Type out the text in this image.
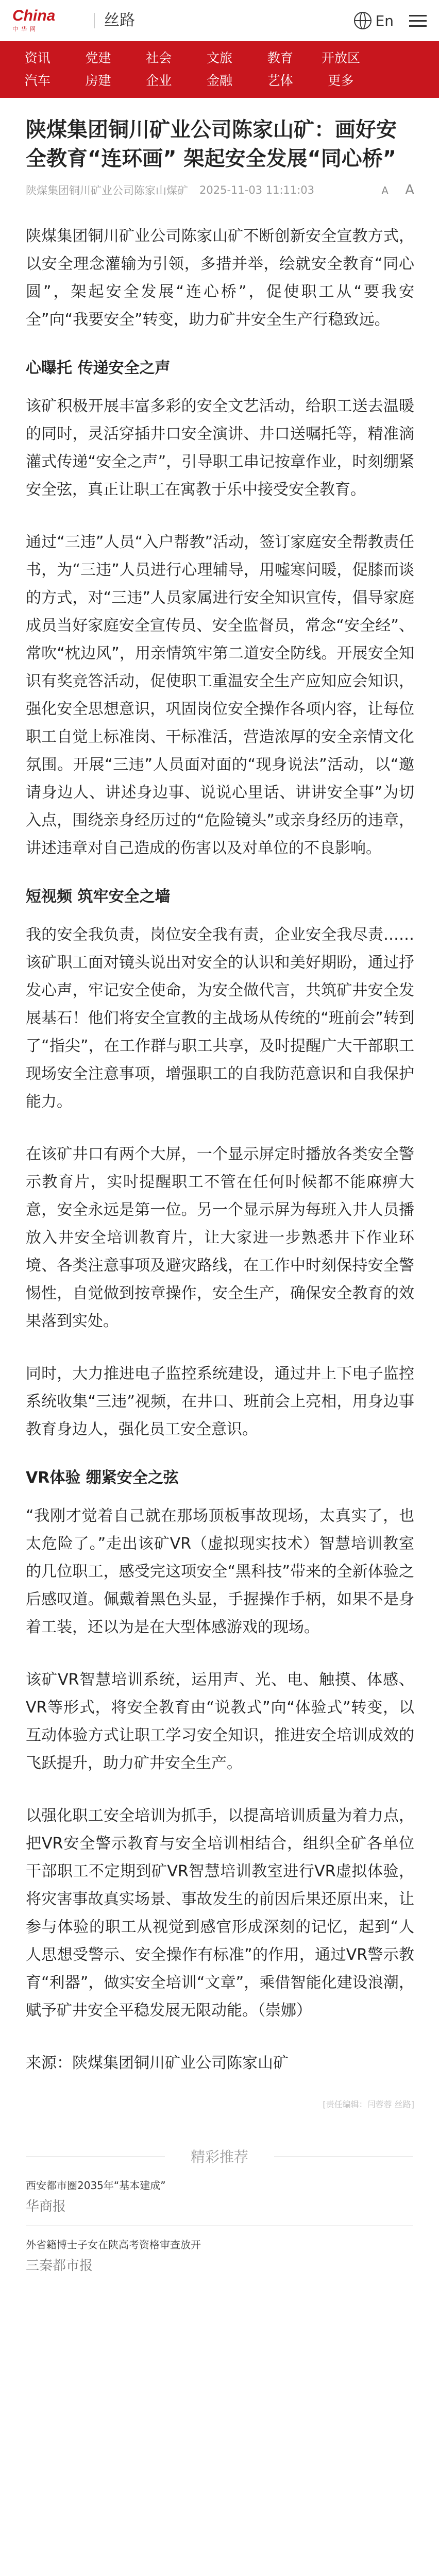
China
中华网	丝路	En
资讯	党建	社会	文旅	教育	开放区
汽车	房建	企业	金融	艺体	更多
陕煤集团铜川矿业公司陈家山矿：画好安全教育“连环画” 架起安全发展“同心桥”
陕煤集团铜川矿业公司陈家山煤矿 2025-11-03 11:11:03	A A

陕煤集团铜川矿业公司陈家山矿不断创新安全宣教方式，以安全理念灌输为引领，多措并举，绘就安全教育“同心圆”，架起安全发展“连心桥”，促使职工从“要我安全”向“我要安全”转变，助力矿井安全生产行稳致远。

心曝托 传递安全之声

该矿积极开展丰富多彩的安全文艺活动，给职工送去温暖的同时，灵活穿插井口安全演讲、井口送嘱托等，精准滴灌式传递“安全之声”，引导职工串记按章作业，时刻绷紧安全弦，真正让职工在寓教于乐中接受安全教育。

通过“三违”人员“入户帮教”活动，签订家庭安全帮教责任书，为“三违”人员进行心理辅导，用嘘寒问暖，促膝而谈的方式，对“三违”人员家属进行安全知识宣传，倡导家庭成员当好家庭安全宣传员、安全监督员，常念“安全经”、常吹“枕边风”，用亲情筑牢第二道安全防线。开展安全知识有奖竞答活动，促使职工重温安全生产应知应会知识，强化安全思想意识，巩固岗位安全操作各项内容，让每位职工自觉上标准岗、干标准活，营造浓厚的安全亲情文化氛围。开展“三违”人员面对面的“现身说法”活动，以“邀请身边人、讲述身边事、说说心里话、讲讲安全事”为切入点，围绕亲身经历过的“危险镜头”或亲身经历的违章，讲述违章对自己造成的伤害以及对单位的不良影响。

短视频 筑牢安全之墙

我的安全我负责，岗位安全我有责，企业安全我尽责……该矿职工面对镜头说出对安全的认识和美好期盼，通过抒发心声，牢记安全使命，为安全做代言，共筑矿井安全发展基石！他们将安全宣教的主战场从传统的“班前会”转到了“指尖”，在工作群与职工共享，及时提醒广大干部职工现场安全注意事项，增强职工的自我防范意识和自我保护能力。

在该矿井口有两个大屏，一个显示屏定时播放各类安全警示教育片，实时提醒职工不管在任何时候都不能麻痹大意，安全永远是第一位。另一个显示屏为每班入井人员播放入井安全培训教育片，让大家进一步熟悉井下作业环境、各类注意事项及避灾路线，在工作中时刻保持安全警惕性，自觉做到按章操作，安全生产，确保安全教育的效果落到实处。

同时，大力推进电子监控系统建设，通过井上下电子监控系统收集“三违”视频，在井口、班前会上亮相，用身边事教育身边人，强化员工安全意识。

VR体验 绷紧安全之弦

“我刚才觉着自己就在那场顶板事故现场，太真实了，也太危险了。”走出该矿VR（虚拟现实技术）智慧培训教室的几位职工，感受完这项安全“黑科技”带来的全新体验之后感叹道。佩戴着黑色头显，手握操作手柄，如果不是身着工装，还以为是在大型体感游戏的现场。

该矿VR智慧培训系统，运用声、光、电、触摸、体感、VR等形式，将安全教育由“说教式”向“体验式”转变，以互动体验方式让职工学习安全知识，推进安全培训成效的飞跃提升，助力矿井安全生产。

以强化职工安全培训为抓手，以提高培训质量为着力点，把VR安全警示教育与安全培训相结合，组织全矿各单位干部职工不定期到矿VR智慧培训教室进行VR虚拟体验，将灾害事故真实场景、事故发生的前因后果还原出来，让参与体验的职工从视觉到感官形成深刻的记忆，起到“人人思想受警示、安全操作有标准”的作用，通过VR警示教育“利器”，做实安全培训“文章”，乘借智能化建设浪潮，赋予矿井安全平稳发展无限动能。（崇娜）

来源：陕煤集团铜川矿业公司陈家山矿
[责任编辑：闫蓉蓉 丝路]
精彩推荐
西安都市圈2035年“基本建成”
华商报
外省籍博士子女在陕高考资格审查放开
三秦都市报
